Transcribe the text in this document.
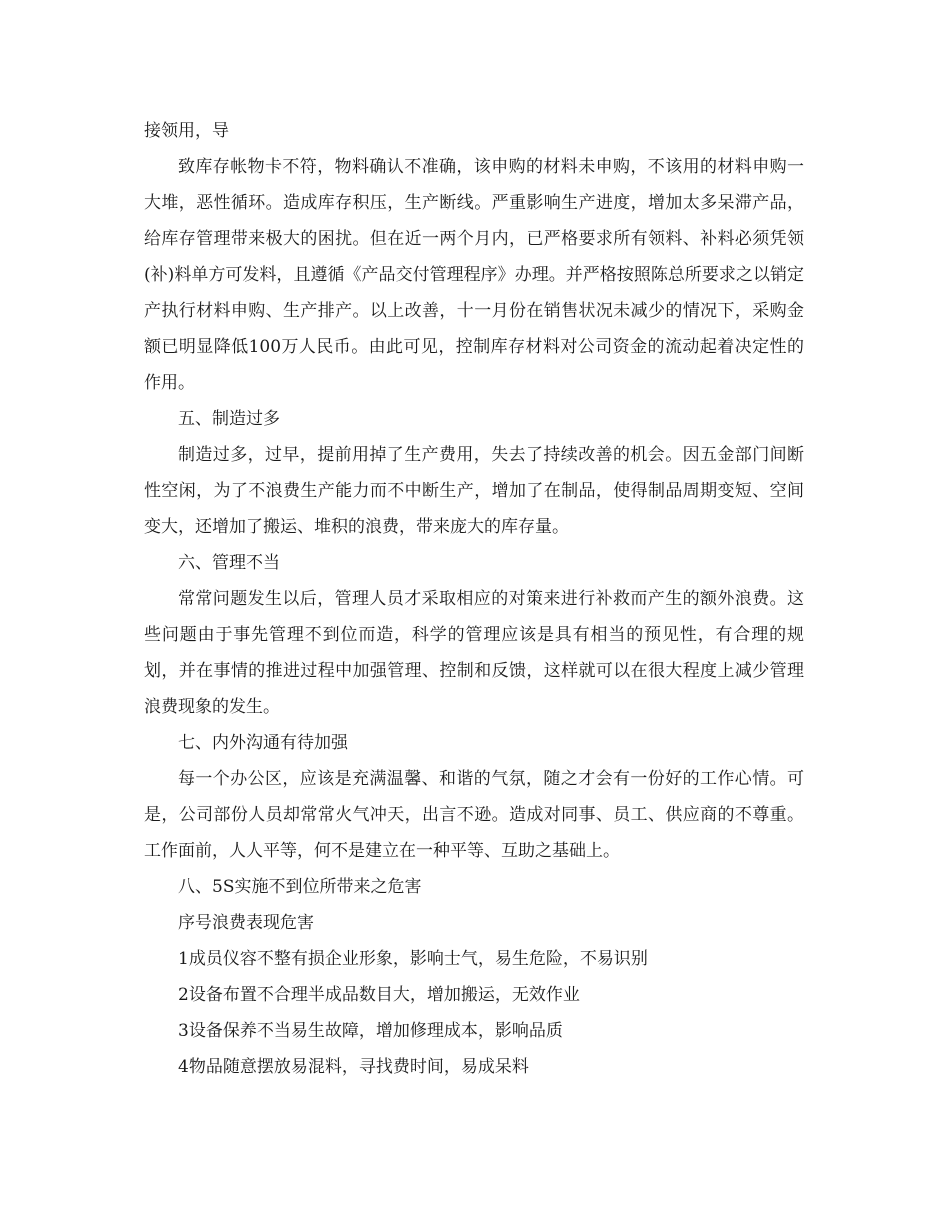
接领用，导

致库存帐物卡不符，物料确认不准确，该申购的材料未申购，不该用的材料申购一大堆，恶性循环。造成库存积压，生产断线。严重影响生产进度，增加太多呆滞产品，给库存管理带来极大的困扰。但在近一两个月内，已严格要求所有领料、补料必须凭领(补)料单方可发料，且遵循《产品交付管理程序》办理。并严格按照陈总所要求之以销定产执行材料申购、生产排产。以上改善，十一月份在销售状况未减少的情况下，采购金额已明显降低100万人民币。由此可见，控制库存材料对公司资金的流动起着决定性的作用。

五、制造过多

制造过多，过早，提前用掉了生产费用，失去了持续改善的机会。因五金部门间断性空闲，为了不浪费生产能力而不中断生产，增加了在制品，使得制品周期变短、空间变大，还增加了搬运、堆积的浪费，带来庞大的库存量。

六、管理不当

常常问题发生以后，管理人员才采取相应的对策来进行补救而产生的额外浪费。这些问题由于事先管理不到位而造，科学的管理应该是具有相当的预见性，有合理的规划，并在事情的推进过程中加强管理、控制和反馈，这样就可以在很大程度上减少管理浪费现象的发生。

七、内外沟通有待加强

每一个办公区，应该是充满温馨、和谐的气氛，随之才会有一份好的工作心情。可是，公司部份人员却常常火气冲天，出言不逊。造成对同事、员工、供应商的不尊重。工作面前，人人平等，何不是建立在一种平等、互助之基础上。

八、5S实施不到位所带来之危害

序号浪费表现危害

1成员仪容不整有损企业形象，影响士气，易生危险，不易识别

2设备布置不合理半成品数目大，增加搬运，无效作业

3设备保养不当易生故障，增加修理成本，影响品质

4物品随意摆放易混料，寻找费时间，易成呆料
